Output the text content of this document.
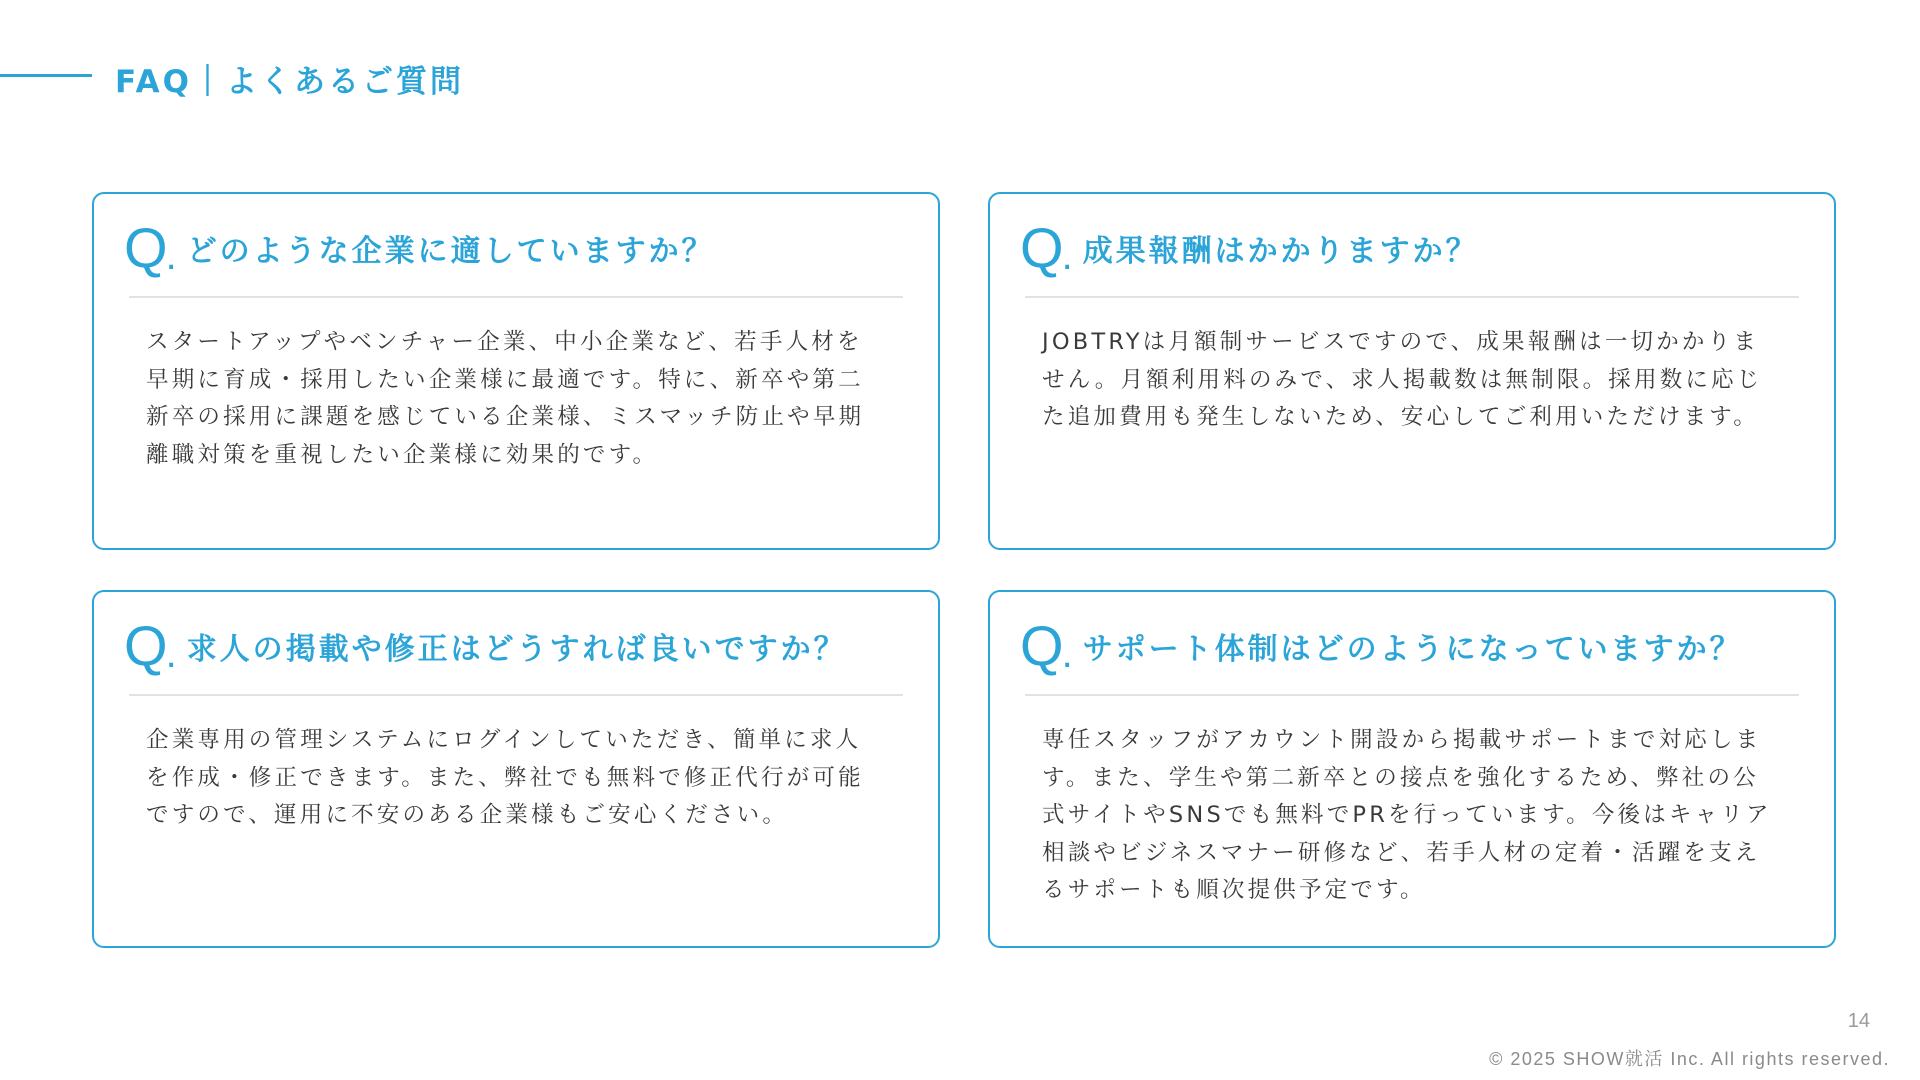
FAQ｜よくあるご質問
Q . どのような企業に適していますか？
スタートアップやベンチャー企業、中小企業など、若手人材を早期に育成・採用したい企業様に最適です。特に、新卒や第二新卒の採用に課題を感じている企業様、ミスマッチ防止や早期離職対策を重視したい企業様に効果的です。
Q . 成果報酬はかかりますか？
JOBTRYは月額制サービスですので、成果報酬は一切かかりません。月額利用料のみで、求人掲載数は無制限。採用数に応じた追加費用も発生しないため、安心してご利用いただけます。
Q . 求人の掲載や修正はどうすれば良いですか？
企業専用の管理システムにログインしていただき、簡単に求人を作成・修正できます。また、弊社でも無料で修正代行が可能ですので、運用に不安のある企業様もご安心ください。
Q . サポート体制はどのようになっていますか？
専任スタッフがアカウント開設から掲載サポートまで対応します。また、学生や第二新卒との接点を強化するため、弊社の公式サイトやSNSでも無料でPRを行っています。今後はキャリア相談やビジネスマナー研修など、若手人材の定着・活躍を支えるサポートも順次提供予定です。
14
© 2025 SHOW就活 Inc. All rights reserved.
